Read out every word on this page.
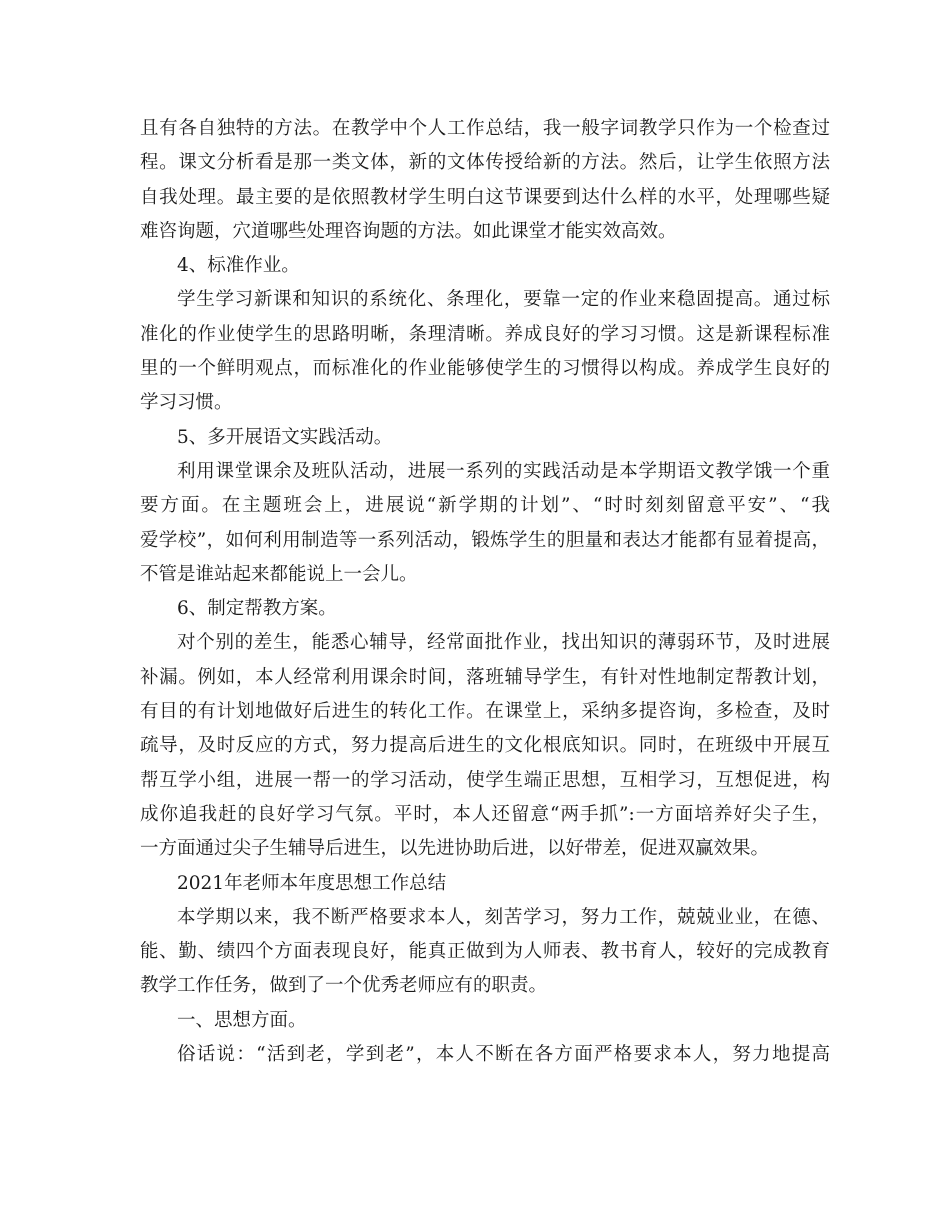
且有各自独特的方法。在教学中个人工作总结，我一般字词教学只作为一个检查过
程。课文分析看是那一类文体，新的文体传授给新的方法。然后，让学生依照方法
自我处理。最主要的是依照教材学生明白这节课要到达什么样的水平，处理哪些疑
难咨询题，穴道哪些处理咨询题的方法。如此课堂才能实效高效。
4、标准作业。
学生学习新课和知识的系统化、条理化，要靠一定的作业来稳固提高。通过标
准化的作业使学生的思路明晰，条理清晰。养成良好的学习习惯。这是新课程标准
里的一个鲜明观点，而标准化的作业能够使学生的习惯得以构成。养成学生良好的
学习习惯。
5、多开展语文实践活动。
利用课堂课余及班队活动，进展一系列的实践活动是本学期语文教学饿一个重
要方面。在主题班会上，进展说“新学期的计划”、“时时刻刻留意平安”、“我
爱学校”，如何利用制造等一系列活动，锻炼学生的胆量和表达才能都有显着提高，
不管是谁站起来都能说上一会儿。
6、制定帮教方案。
对个别的差生，能悉心辅导，经常面批作业，找出知识的薄弱环节，及时进展
补漏。例如，本人经常利用课余时间，落班辅导学生，有针对性地制定帮教计划，
有目的有计划地做好后进生的转化工作。在课堂上，采纳多提咨询，多检查，及时
疏导，及时反应的方式，努力提高后进生的文化根底知识。同时，在班级中开展互
帮互学小组，进展一帮一的学习活动，使学生端正思想，互相学习，互想促进，构
成你追我赶的良好学习气氛。平时，本人还留意“两手抓”:一方面培养好尖子生，
一方面通过尖子生辅导后进生，以先进协助后进，以好带差，促进双赢效果。
2021年老师本年度思想工作总结
本学期以来，我不断严格要求本人，刻苦学习，努力工作，兢兢业业，在德、
能、勤、绩四个方面表现良好，能真正做到为人师表、教书育人，较好的完成教育
教学工作任务，做到了一个优秀老师应有的职责。
一、思想方面。
俗话说：“活到老，学到老”，本人不断在各方面严格要求本人，努力地提高
